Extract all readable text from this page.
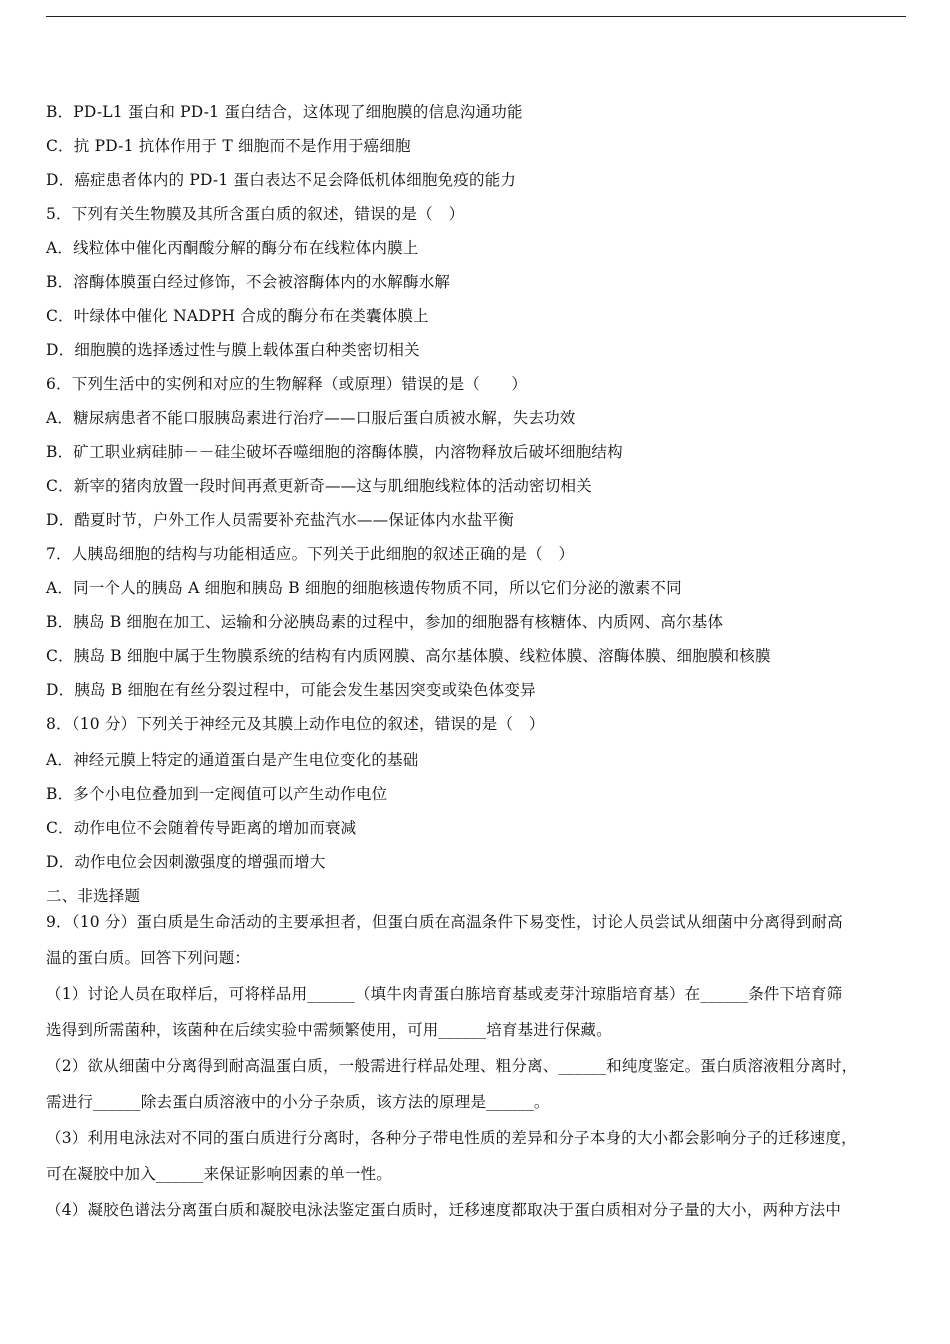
B．PD-L1 蛋白和 PD-1 蛋白结合，这体现了细胞膜的信息沟通功能
C．抗 PD-1 抗体作用于 T 细胞而不是作用于癌细胞
D．癌症患者体内的 PD-1 蛋白表达不足会降低机体细胞免疫的能力
5．下列有关生物膜及其所含蛋白质的叙述，错误的是（　）
A．线粒体中催化丙酮酸分解的酶分布在线粒体内膜上
B．溶酶体膜蛋白经过修饰，不会被溶酶体内的水解酶水解
C．叶绿体中催化 NADPH 合成的酶分布在类囊体膜上
D．细胞膜的选择透过性与膜上载体蛋白种类密切相关
6．下列生活中的实例和对应的生物解释（或原理）错误的是（　　）
A．糖尿病患者不能口服胰岛素进行治疗——口服后蛋白质被水解，失去功效
B．矿工职业病硅肺－－硅尘破坏吞噬细胞的溶酶体膜，内溶物释放后破坏细胞结构
C．新宰的猪肉放置一段时间再煮更新奇——这与肌细胞线粒体的活动密切相关
D．酷夏时节，户外工作人员需要补充盐汽水——保证体内水盐平衡
7．人胰岛细胞的结构与功能相适应。下列关于此细胞的叙述正确的是（　）
A．同一个人的胰岛 A 细胞和胰岛 B 细胞的细胞核遗传物质不同，所以它们分泌的激素不同
B．胰岛 B 细胞在加工、运输和分泌胰岛素的过程中，参加的细胞器有核糖体、内质网、高尔基体
C．胰岛 B 细胞中属于生物膜系统的结构有内质网膜、高尔基体膜、线粒体膜、溶酶体膜、细胞膜和核膜
D．胰岛 B 细胞在有丝分裂过程中，可能会发生基因突变或染色体变异
8．（10 分）下列关于神经元及其膜上动作电位的叙述，错误的是（　）
A．神经元膜上特定的通道蛋白是产生电位变化的基础
B．多个小电位叠加到一定阀值可以产生动作电位
C．动作电位不会随着传导距离的增加而衰减
D．动作电位会因刺激强度的增强而增大
二、非选择题
9．（10 分）蛋白质是生命活动的主要承担者，但蛋白质在高温条件下易变性，讨论人员尝试从细菌中分离得到耐高
温的蛋白质。回答下列问题：
（1）讨论人员在取样后，可将样品用______（填牛肉青蛋白胨培育基或麦芽汁琼脂培育基）在______条件下培育筛
选得到所需菌种，该菌种在后续实验中需频繁使用，可用______培育基进行保藏。
（2）欲从细菌中分离得到耐高温蛋白质，一般需进行样品处理、粗分离、______和纯度鉴定。蛋白质溶液粗分离时，
需进行______除去蛋白质溶液中的小分子杂质，该方法的原理是______。
（3）利用电泳法对不同的蛋白质进行分离时，各种分子带电性质的差异和分子本身的大小都会影响分子的迁移速度，
可在凝胶中加入______来保证影响因素的单一性。
（4）凝胶色谱法分离蛋白质和凝胶电泳法鉴定蛋白质时，迁移速度都取决于蛋白质相对分子量的大小，两种方法中
